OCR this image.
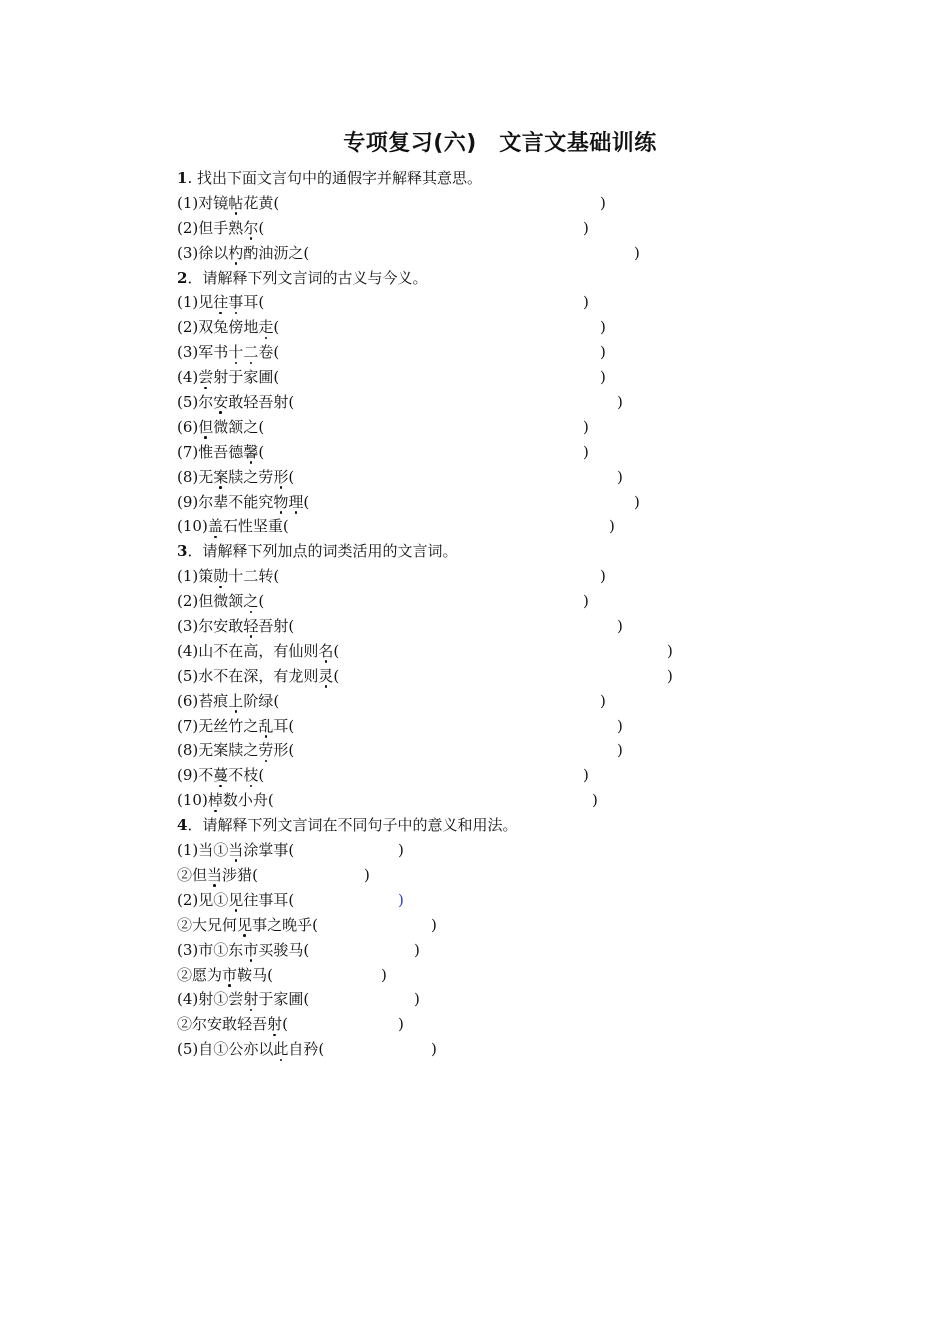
专项复习(六)　文言文基础训练
1. 找出下面文言句中的通假字并解释其意思。
(1)对镜帖花黄(	)
(2)但手熟尔(	)
(3)徐以杓酌油沥之(	)
2．请解释下列文言词的古义与今义。
(1)见往事耳(	)
(2)双兔傍地走(	)
(3)军书十二卷(	)
(4)尝射于家圃(	)
(5)尔安敢轻吾射(	)
(6)但微颔之(	)
(7)惟吾德馨(	)
(8)无案牍之劳形(	)
(9)尔辈不能究物理(	)
(10)盖石性坚重(	)
3．请解释下列加点的词类活用的文言词。
(1)策勋十二转(	)
(2)但微颔之(	)
(3)尔安敢轻吾射(	)
(4)山不在高，有仙则名(	)
(5)水不在深，有龙则灵(	)
(6)苔痕上阶绿(	)
(7)无丝竹之乱耳(	)
(8)无案牍之劳形(	)
(9)不蔓不枝(	)
(10)棹数小舟(	)
4．请解释下列文言词在不同句子中的意义和用法。
(1)当①当涂掌事(	)
②但当涉猎(	)
(2)见①见往事耳(	)
②大兄何见事之晚乎(	)
(3)市①东市买骏马(	)
②愿为市鞍马(	)
(4)射①尝射于家圃(	)
②尔安敢轻吾射(	)
(5)自①公亦以此自矜(	)
